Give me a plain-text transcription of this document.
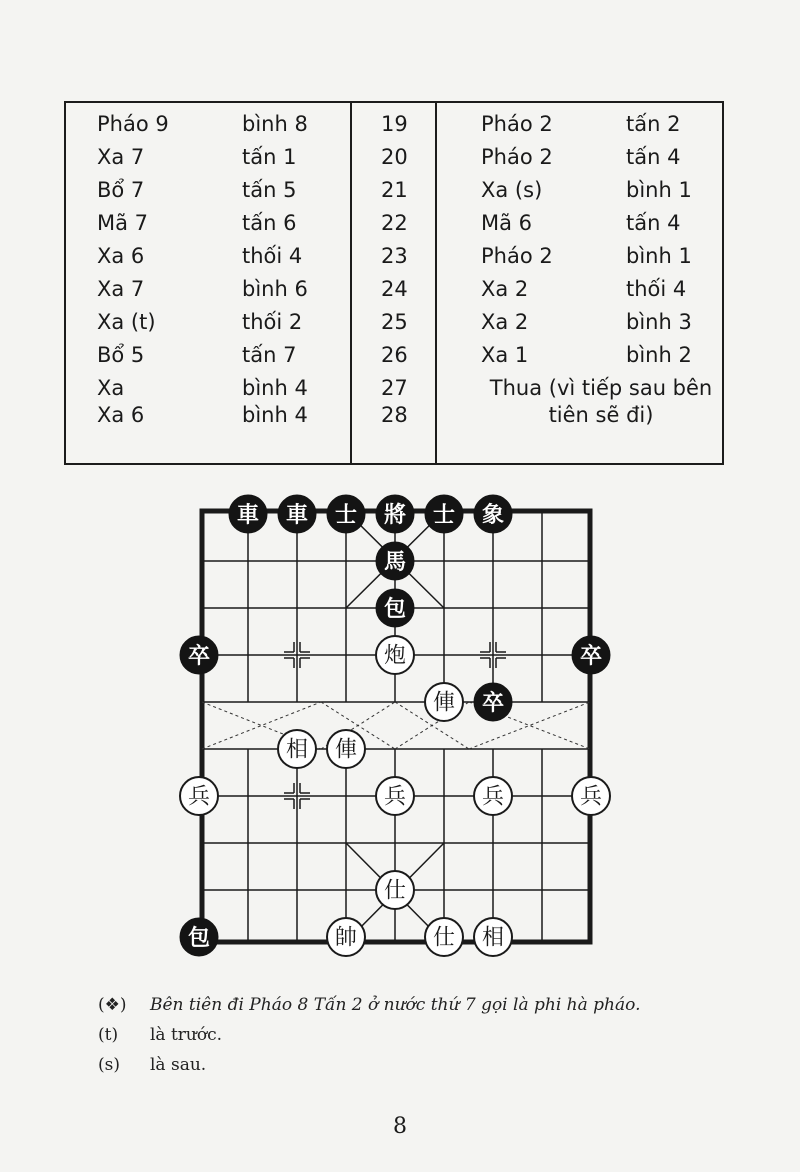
Pháo 9	bình 8	19	Pháo 2	tấn 2
Xa 7	tấn 1	20	Pháo 2	tấn 4
Bổ 7	tấn 5	21	Xa (s)	bình 1
Mã 7	tấn 6	22	Mã 6	tấn 4
Xa 6	thối 4	23	Pháo 2	bình 1
Xa 7	bình 6	24	Xa 2	thối 4
Xa (t)	thối 2	25	Xa 2	bình 3
Bổ 5	tấn 7	26	Xa 1	bình 2
Xa	bình 4	27
Xa 6	bình 4	28
Thua (vì tiếp sau bên
tiên sẽ đi)
車 車 士 將 士 象
馬
包
卒	卒
卒
包
炮
俥
相 俥
兵	兵	兵	兵
仕
帥	仕 相
(❖) Bên tiên đi Pháo 8 Tấn 2 ở nước thứ 7 gọi là phi hà pháo.
(t) là trước.
(s) là sau.
8
